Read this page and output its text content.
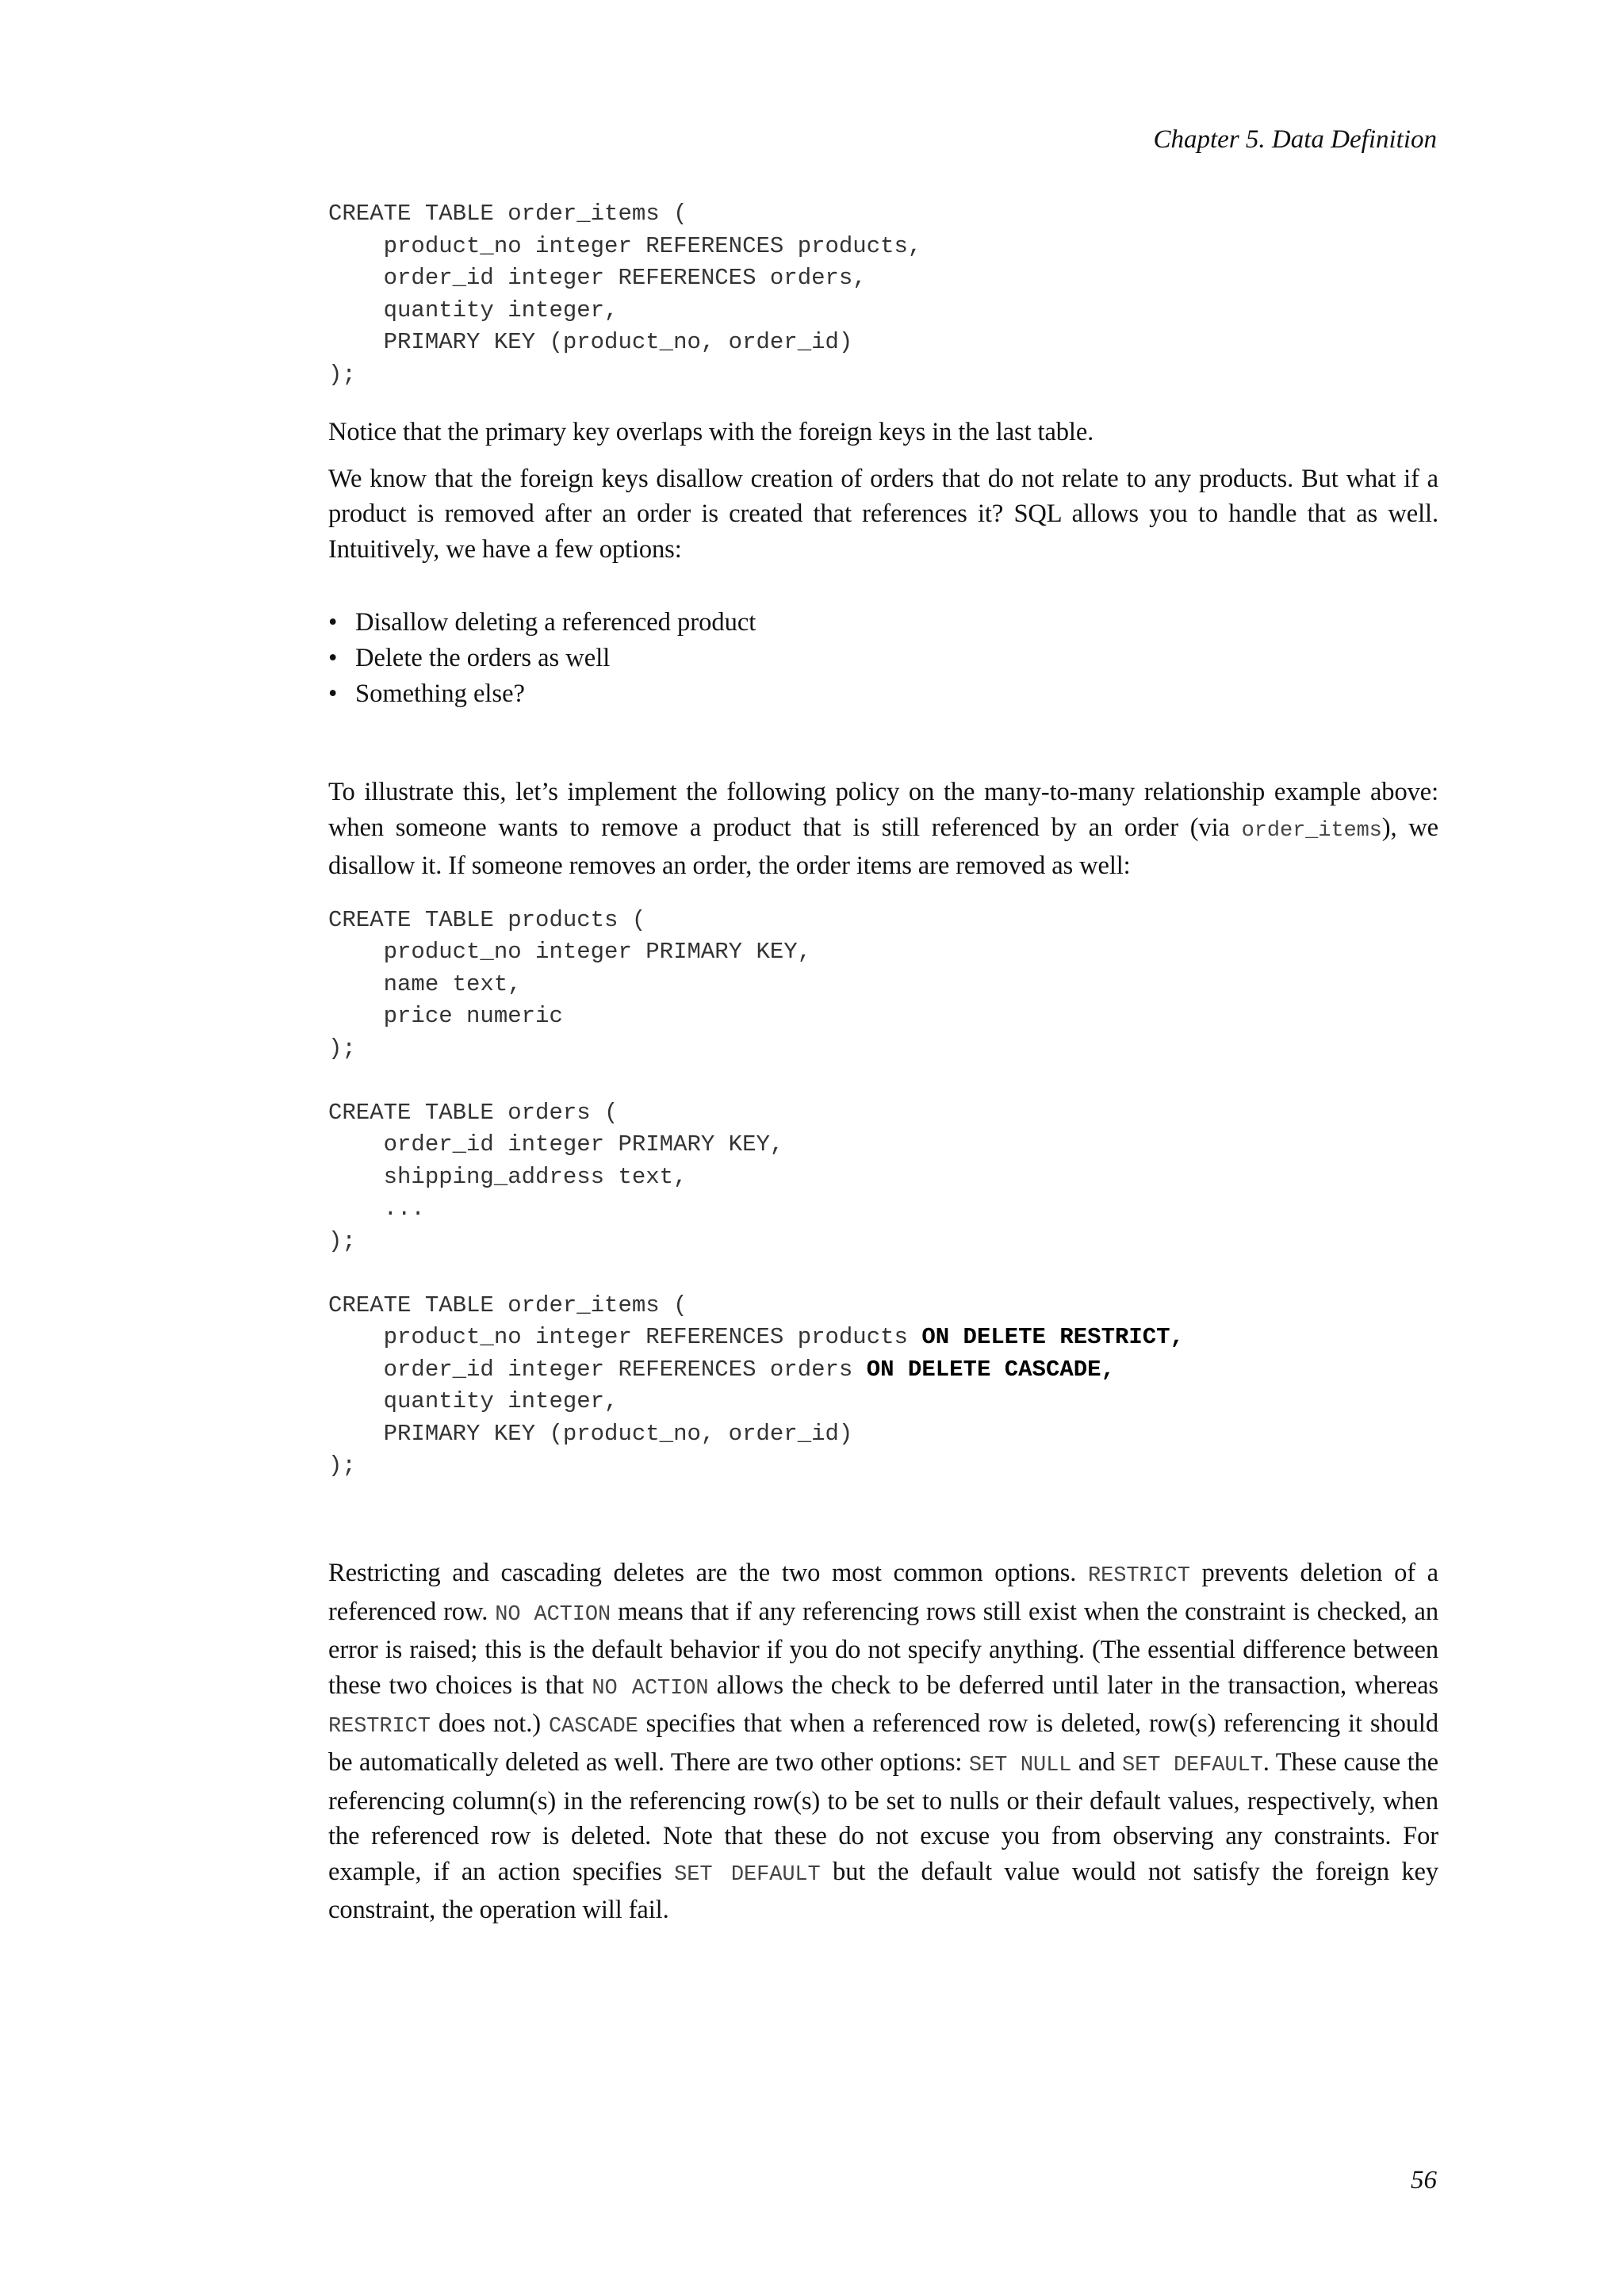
Chapter 5. Data Definition
CREATE TABLE order_items (
product_no integer REFERENCES products,
order_id integer REFERENCES orders,
quantity integer,
PRIMARY KEY (product_no, order_id)
);

Notice that the primary key overlaps with the foreign keys in the last table.

We know that the foreign keys disallow creation of orders that do not relate to any products. But what if a product is removed after an order is created that references it? SQL allows you to handle that as well. Intuitively, we have a few options:

• Disallow deleting a referenced product
• Delete the orders as well
• Something else?

To illustrate this, let’s implement the following policy on the many-to-many relationship example above: when someone wants to remove a product that is still referenced by an order (via order_items), we disallow it. If someone removes an order, the order items are removed as well:

CREATE TABLE products (
product_no integer PRIMARY KEY,
name text,
price numeric
);
CREATE TABLE orders (
order_id integer PRIMARY KEY,
shipping_address text,
...
);
CREATE TABLE order_items (
product_no integer REFERENCES products ON DELETE RESTRICT,
order_id integer REFERENCES orders ON DELETE CASCADE,
quantity integer,
PRIMARY KEY (product_no, order_id)
);

Restricting and cascading deletes are the two most common options. RESTRICT prevents deletion of a referenced row. NO ACTION means that if any referencing rows still exist when the constraint is checked, an error is raised; this is the default behavior if you do not specify anything. (The essential difference between these two choices is that NO ACTION allows the check to be deferred until later in the transaction, whereas RESTRICT does not.) CASCADE specifies that when a referenced row is deleted, row(s) referencing it should be automatically deleted as well. There are two other options: SET NULL and SET DEFAULT. These cause the referencing column(s) in the referencing row(s) to be set to nulls or their default values, respectively, when the referenced row is deleted. Note that these do not excuse you from observing any constraints. For example, if an action specifies SET DEFAULT but the default value would not satisfy the foreign key constraint, the operation will fail.

56
